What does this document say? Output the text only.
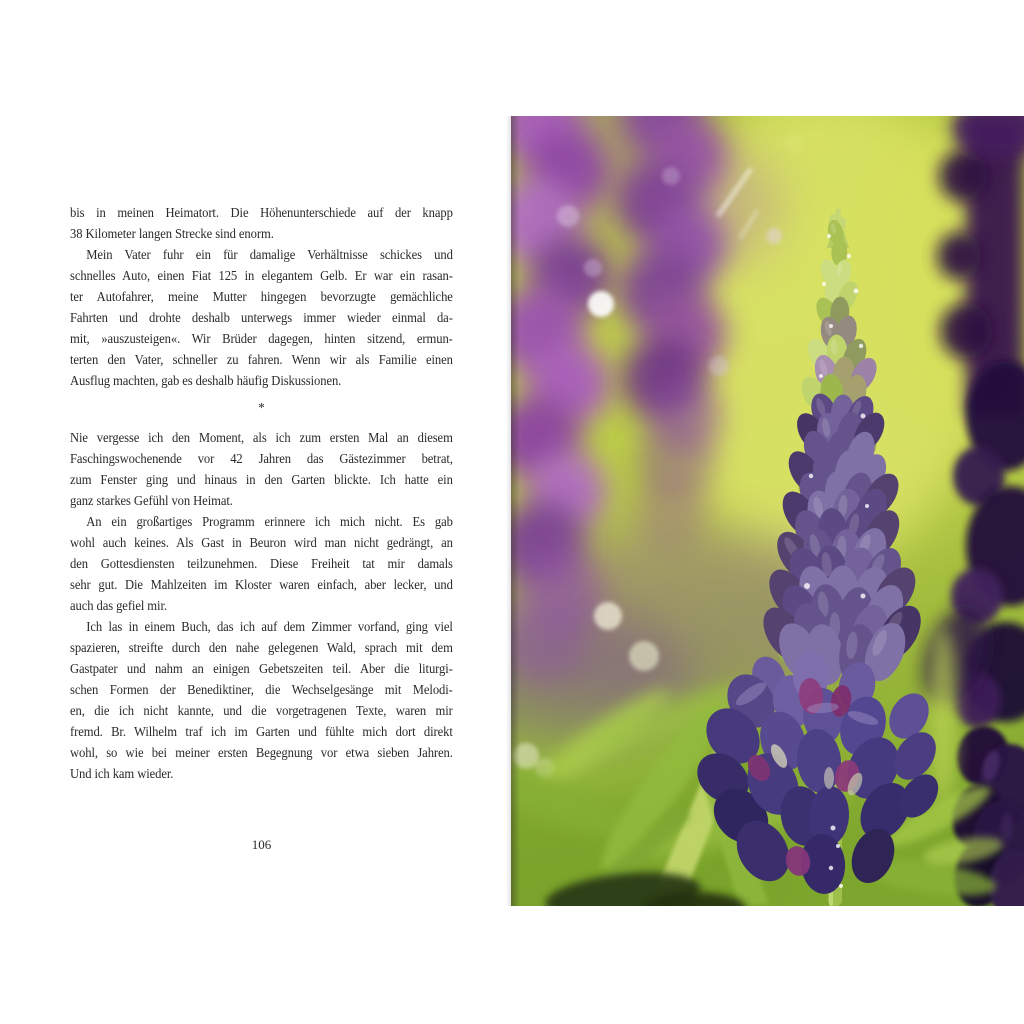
bis in meinen Heimatort. Die Höhenunterschiede auf der knapp
38 Kilometer langen Strecke sind enorm.
Mein Vater fuhr ein für damalige Verhältnisse schickes und
schnelles Auto, einen Fiat 125 in elegantem Gelb. Er war ein rasan-
ter Autofahrer, meine Mutter hingegen bevorzugte gemächliche
Fahrten und drohte deshalb unterwegs immer wieder einmal da-
mit, »auszusteigen«. Wir Brüder dagegen, hinten sitzend, ermun-
terten den Vater, schneller zu fahren. Wenn wir als Familie einen
Ausflug machten, gab es deshalb häufig Diskussionen.
*
Nie vergesse ich den Moment, als ich zum ersten Mal an diesem
Faschingswochenende vor 42 Jahren das Gästezimmer betrat,
zum Fenster ging und hinaus in den Garten blickte. Ich hatte ein
ganz starkes Gefühl von Heimat.
An ein großartiges Programm erinnere ich mich nicht. Es gab
wohl auch keines. Als Gast in Beuron wird man nicht gedrängt, an
den Gottesdiensten teilzunehmen. Diese Freiheit tat mir damals
sehr gut. Die Mahlzeiten im Kloster waren einfach, aber lecker, und
auch das gefiel mir.
Ich las in einem Buch, das ich auf dem Zimmer vorfand, ging viel
spazieren, streifte durch den nahe gelegenen Wald, sprach mit dem
Gastpater und nahm an einigen Gebetszeiten teil. Aber die liturgi-
schen Formen der Benediktiner, die Wechselgesänge mit Melodi-
en, die ich nicht kannte, und die vorgetragenen Texte, waren mir
fremd. Br. Wilhelm traf ich im Garten und fühlte mich dort direkt
wohl, so wie bei meiner ersten Begegnung vor etwa sieben Jahren.
Und ich kam wieder.
106
